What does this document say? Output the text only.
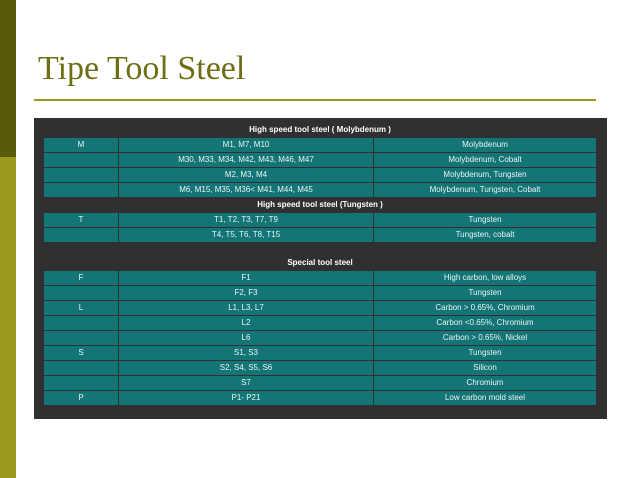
Tipe Tool Steel
High speed tool steel ( Molybdenum )		
M	M1, M7, M10	Molybdenum
	M30, M33, M34, M42, M43, M46, M47	Molybdenum, Cobalt
	M2, M3, M4	Molybdenum, Tungsten
	M6, M15, M35, M36< M41, M44, M45	Molybdenum, Tungsten, Cobalt
High speed tool steel (Tungsten )		
T	T1, T2, T3, T7, T9	Tungsten
	T4, T5, T6, T8, T15	Tungsten, cobalt

Special tool steel		
F	F1	High carbon, low alloys
	F2, F3	Tungsten
L	L1, L3, L7	Carbon > 0.65%, Chromium
	L2	Carbon <0.65%, Chromium
	L6	Carbon > 0.65%, Nickel
S	S1, S3	Tungsten
	S2, S4, S5, S6	Silicon
	S7	Chromium
P	P1- P21	Low carbon mold steel
